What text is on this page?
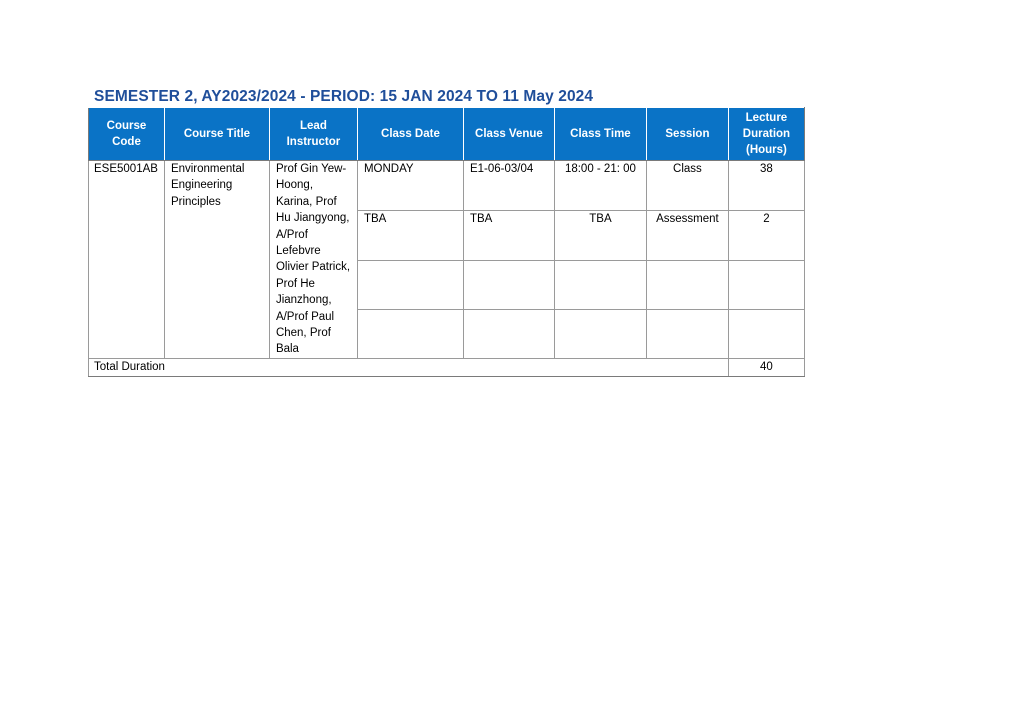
SEMESTER 2, AY2023/2024 - PERIOD: 15 JAN 2024 TO 11 May 2024
Course Code	Course Title	Lead Instructor	Class Date	Class Venue	Class Time	Session	Lecture Duration (Hours)
ESE5001AB	Environmental Engineering Principles	Prof Gin Yew-Hoong, Karina, Prof Hu Jiangyong, A/Prof Lefebvre Olivier Patrick, Prof He Jianzhong, A/Prof Paul Chen, Prof Bala	MONDAY	E1-06-03/04	18:00 - 21: 00	Class	38
			TBA	TBA	TBA	Assessment	2

Total Duration							40
